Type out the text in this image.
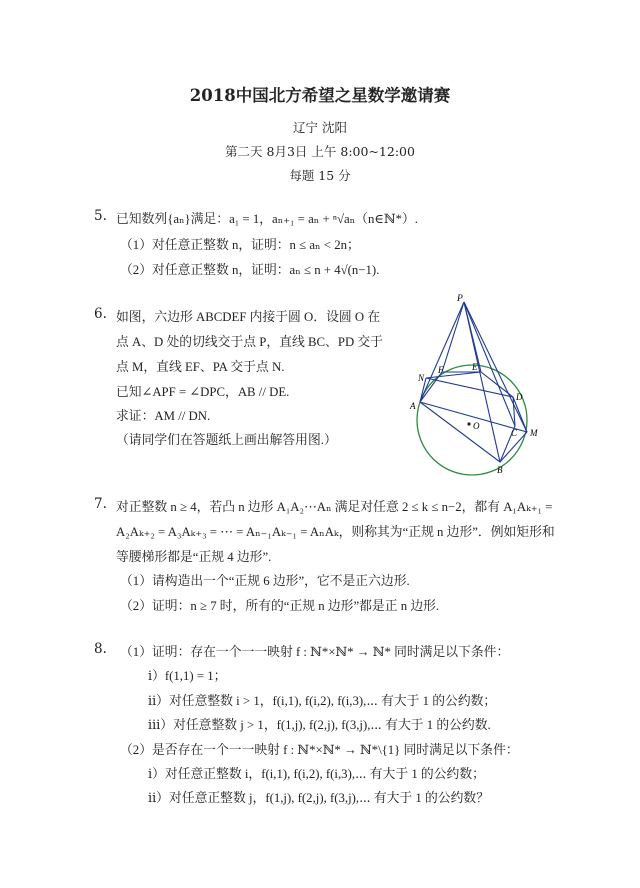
2018中国北方希望之星数学邀请赛
辽宁 沈阳
第二天 8月3日 上午 8:00~12:00
每题 15 分
5. 已知数列{aₙ}满足：a₁ = 1，aₙ₊₁ = aₙ + ⁿ√aₙ（n∈ℕ*）.
（1）对任意正整数 n，证明：n ≤ aₙ < 2n；
（2）对任意正整数 n，证明：aₙ ≤ n + 4√(n−1).
6. 如图，六边形 ABCDEF 内接于圆 O．设圆 O 在
点 A、D 处的切线交于点 P，直线 BC、PD 交于
点 M，直线 EF、PA 交于点 N.
已知∠APF = ∠DPC，AB // DE.
求证：AM // DN.
（请同学们在答题纸上画出解答用图.）
P
F	E
N
D
A
O
M
C
B
7. 对正整数 n ≥ 4，若凸 n 边形 A₁A₂⋯Aₙ 满足对任意 2 ≤ k ≤ n−2，都有 A₁Aₖ₊₁ =
A₂Aₖ₊₂ = A₃Aₖ₊₃ = ⋯ = Aₙ₋₁Aₖ₋₁ = AₙAₖ，则称其为“正规 n 边形”．例如矩形和
等腰梯形都是“正规 4 边形”.
（1）请构造出一个“正规 6 边形”，它不是正六边形.
（2）证明：n ≥ 7 时，所有的“正规 n 边形”都是正 n 边形.
8. （1）证明：存在一个一一映射 f : ℕ*×ℕ* → ℕ* 同时满足以下条件：
ⅰ）f(1,1) = 1；
ⅱ）对任意整数 i > 1，f(i,1), f(i,2), f(i,3),⋯ 有大于 1 的公约数；
ⅲ）对任意整数 j > 1，f(1,j), f(2,j), f(3,j),⋯ 有大于 1 的公约数.
（2）是否存在一个一一映射 f : ℕ*×ℕ* → ℕ*\{1} 同时满足以下条件：
ⅰ）对任意正整数 i，f(i,1), f(i,2), f(i,3),⋯ 有大于 1 的公约数；
ⅱ）对任意正整数 j，f(1,j), f(2,j), f(3,j),⋯ 有大于 1 的公约数？
